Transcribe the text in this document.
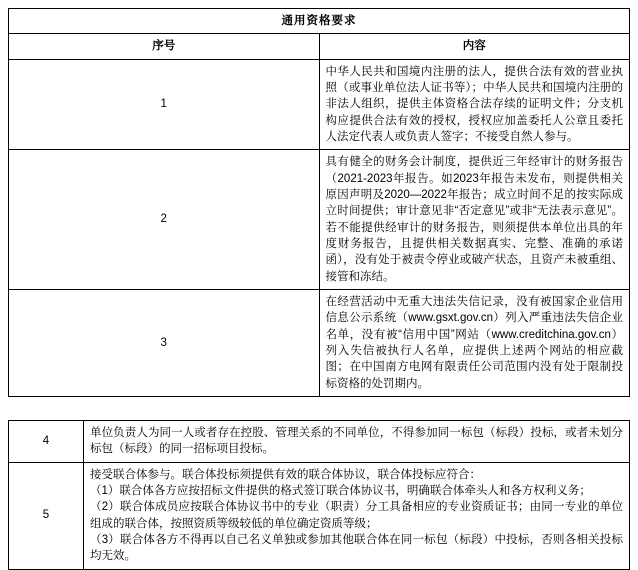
通用资格要求	
序号	内容
1	中华人民共和国境内注册的法人，提供合法有效的营业执照（或事业单位法人证书等）；中华人民共和国境内注册的非法人组织，提供主体资格合法存续的证明文件；分支机构应提供合法有效的授权，授权应加盖委托人公章且委托人法定代表人或负责人签字；不接受自然人参与。

2	具有健全的财务会计制度，提供近三年经审计的财务报告（2021-2023年报告。如2023年报告未发布，则提供相关原因声明及2020—2022年报告；成立时间不足的按实际成立时间提供；审计意见非“否定意见”或非“无法表示意见”。若不能提供经审计的财务报告，则须提供本单位出具的年度财务报告，且提供相关数据真实、完整、准确的承诺函），没有处于被责令停业或破产状态，且资产未被重组、接管和冻结。

3	在经营活动中无重大违法失信记录，没有被国家企业信用信息公示系统（www.gsxt.gov.cn）列入严重违法失信企业名单，没有被“信用中国”网站（www.creditchina.gov.cn）列入失信被执行人名单，应提供上述两个网站的相应截图；在中国南方电网有限责任公司范围内没有处于限制投标资格的处罚期内。

4	单位负责人为同一人或者存在控股、管理关系的不同单位，不得参加同一标包（标段）投标，或者未划分标包（标段）的同一招标项目投标。

5	接受联合体参与。联合体投标须提供有效的联合体协议，联合体投标应符合：

（1）联合体各方应按招标文件提供的格式签订联合体协议书，明确联合体牵头人和各方权利义务；

（2）联合体成员应按联合体协议书中的专业（职责）分工具备相应的专业资质证书；由同一专业的单位组成的联合体，按照资质等级较低的单位确定资质等级；

（3）联合体各方不得再以自己名义单独或参加其他联合体在同一标包（标段）中投标，否则各相关投标均无效。
